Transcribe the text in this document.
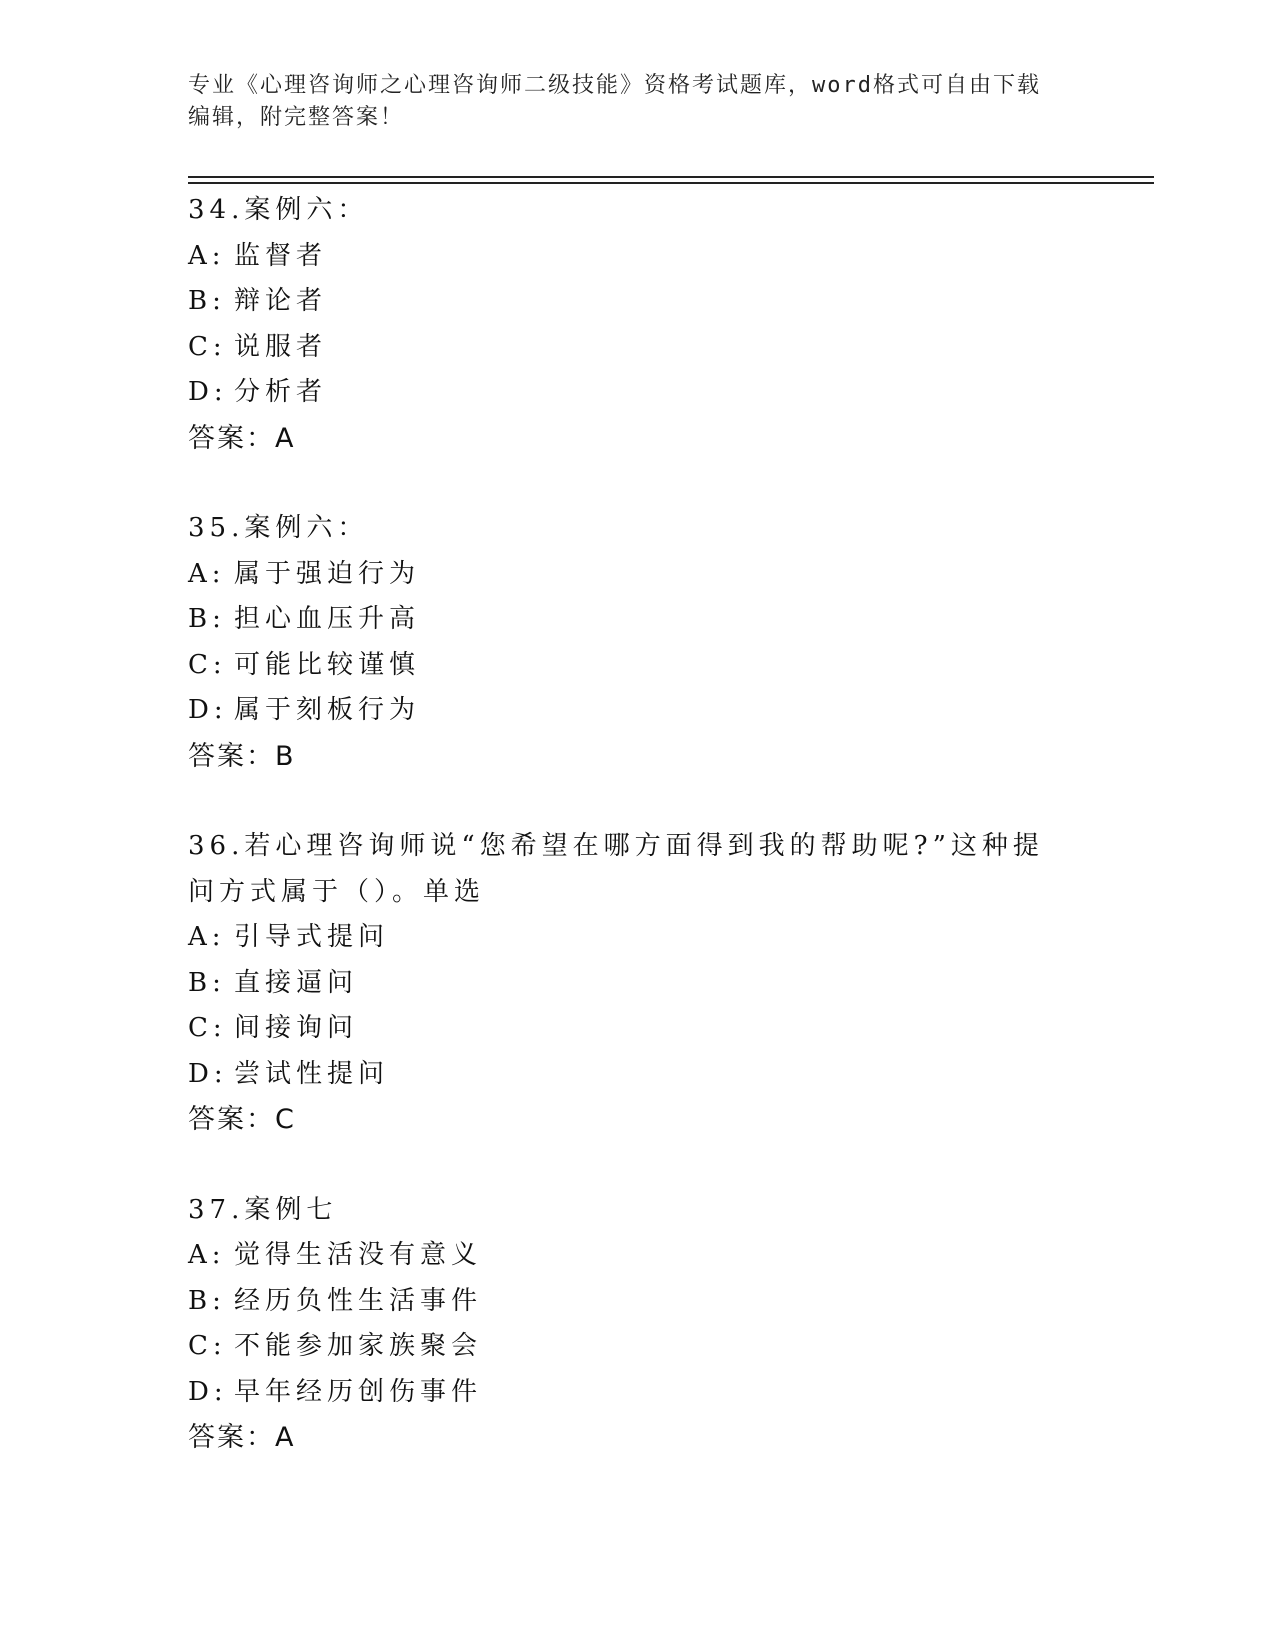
专业《心理咨询师之心理咨询师二级技能》资格考试题库，word格式可自由下载
编辑，附完整答案！
34.案例六：
A: 监督者
B: 辩论者
C: 说服者
D: 分析者
答案：A
35.案例六：
A: 属于强迫行为
B: 担心血压升高
C: 可能比较谨慎
D: 属于刻板行为
答案：B
36.若心理咨询师说“您希望在哪方面得到我的帮助呢?”这种提问方式属于（）。单选
A: 引导式提问
B: 直接逼问
C: 间接询问
D: 尝试性提问
答案：C
37.案例七
A: 觉得生活没有意义
B: 经历负性生活事件
C: 不能参加家族聚会
D: 早年经历创伤事件
答案：A
